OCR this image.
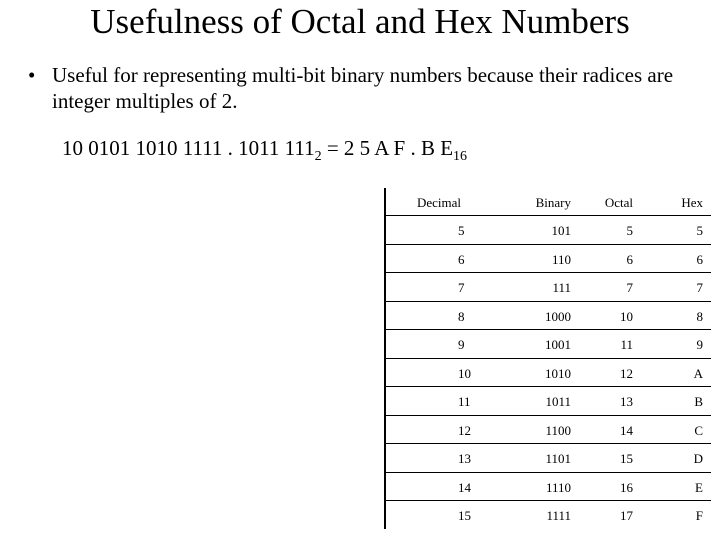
Usefulness of Octal and Hex Numbers
• Useful for representing multi-bit binary numbers because their radices are integer multiples of 2.
10 0101 1010 1111 . 1011 $111_2 = 2$ 5 A F . B $E_{16}$
Decimal	Binary	Octal	Hex
5	101	5	5
6	110	6	6
7	111	7	7
8	1000	10	8
9	1001	11	9
10	1010	12	A
11	1011	13	B
12	1100	14	C
13	1101	15	D
14	1110	16	E
15	1111	17	F
